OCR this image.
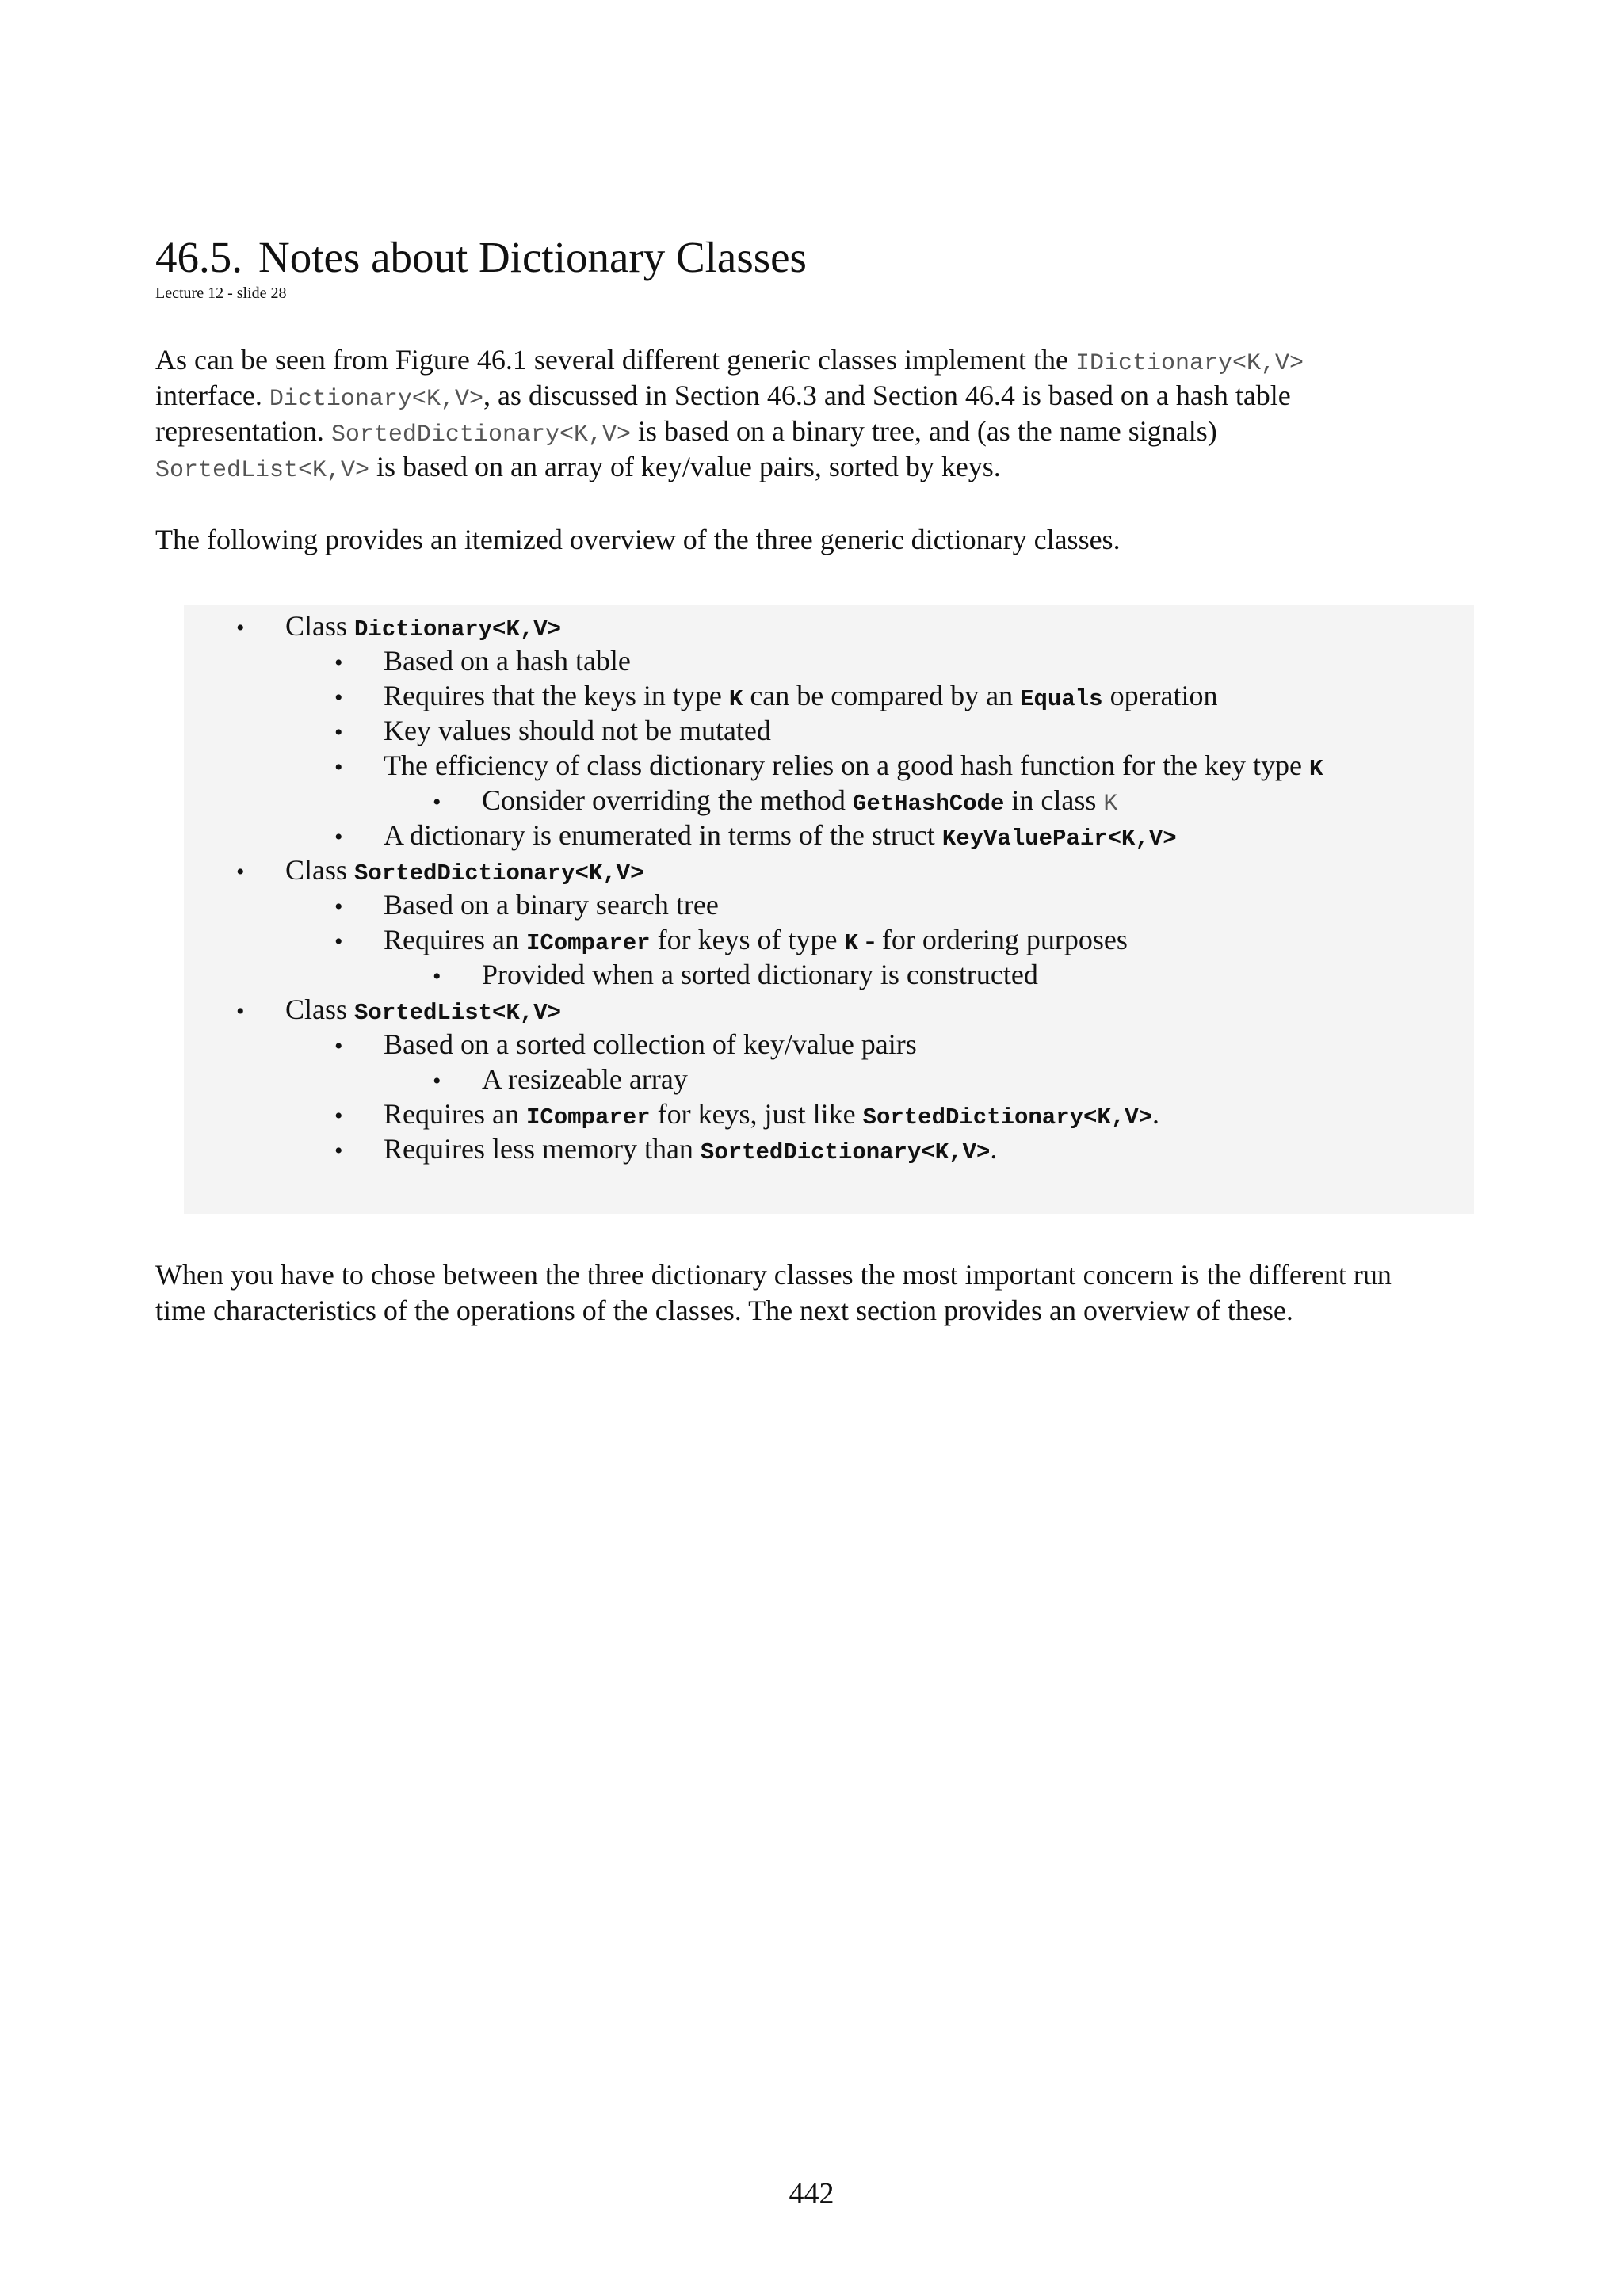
46.5. Notes about Dictionary Classes
Lecture 12 - slide 28
As can be seen from Figure 46.1 several different generic classes implement the IDictionary<K,V>
interface. Dictionary<K,V>, as discussed in Section 46.3 and Section 46.4 is based on a hash table
representation. SortedDictionary<K,V> is based on a binary tree, and (as the name signals)
SortedList<K,V> is based on an array of key/value pairs, sorted by keys.
The following provides an itemized overview of the three generic dictionary classes.
• Class Dictionary<K,V>
• Based on a hash table
• Requires that the keys in type K can be compared by an Equals operation
• Key values should not be mutated
• The efficiency of class dictionary relies on a good hash function for the key type K
• Consider overriding the method GetHashCode in class K
• A dictionary is enumerated in terms of the struct KeyValuePair<K,V>
• Class SortedDictionary<K,V>
• Based on a binary search tree
• Requires an IComparer for keys of type K - for ordering purposes
• Provided when a sorted dictionary is constructed
• Class SortedList<K,V>
• Based on a sorted collection of key/value pairs
• A resizeable array
• Requires an IComparer for keys, just like SortedDictionary<K,V>.
• Requires less memory than SortedDictionary<K,V>.
When you have to chose between the three dictionary classes the most important concern is the different run
time characteristics of the operations of the classes. The next section provides an overview of these.
442
